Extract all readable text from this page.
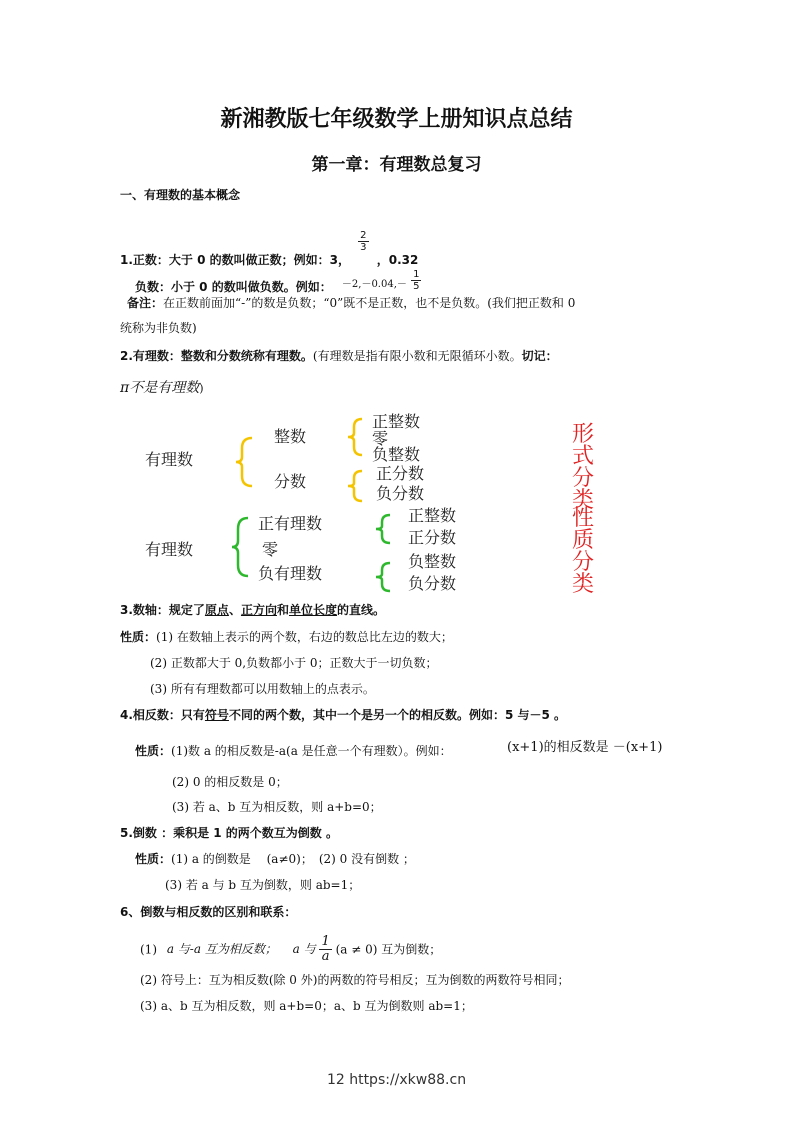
新湘教版七年级数学上册知识点总结
第一章：有理数总复习
一、有理数的基本概念
1.正数：大于 0 的数叫做正数；例如：3，
$\frac{2}{3}$
，0.32
负数：小于 0 的数叫做负数。例如： $^{-2,-0.04,-} \frac{1}{5}$
备注：在正数前面加“-”的数是负数；“0”既不是正数，也不是负数。(我们把正数和 0
统称为非负数)
2.有理数：整数和分数统称有理数。(有理数是指有限小数和无限循环小数。切记：
π不是有理数)
有理数
整数
分数
正整数
零
负整数
正分数
负分数
有理数
正有理数
零
负有理数
正整数
正分数
负整数
负分数
形
式
分
类
性
质
分
类
3.数轴：规定了原点、正方向和单位长度的直线。
性质：(1) 在数轴上表示的两个数，右边的数总比左边的数大；
(2) 正数都大于 0,负数都小于 0；正数大于一切负数；
(3) 所有有理数都可以用数轴上的点表示。
4.相反数：只有符号不同的两个数，其中一个是另一个的相反数。例如：5 与－5 。
性质：(1)数 a 的相反数是-a(a 是任意一个有理数）。例如：	(x+1)的相反数是 －(x+1)
(2) 0 的相反数是 0；
(3) 若 a、b 互为相反数，则 a+b=0；
5.倒数 ：乘积是 1 的两个数互为倒数 。
性质：(1) a 的倒数是　 (a≠0)；　(2) 0 没有倒数 ；
(3) 若 a 与 b 互为倒数，则 ab=1；
6、倒数与相反数的区别和联系：
(1) a 与-a 互为相反数； a 与 $\frac{1}{a} (a \ne 0)$ 互为倒数；
(2) 符号上：互为相反数(除 0 外)的两数的符号相反；互为倒数的两数符号相同；
(3) a、b 互为相反数，则 a+b=0；a、b 互为倒数则 ab=1；
12 https://xkw88.cn
